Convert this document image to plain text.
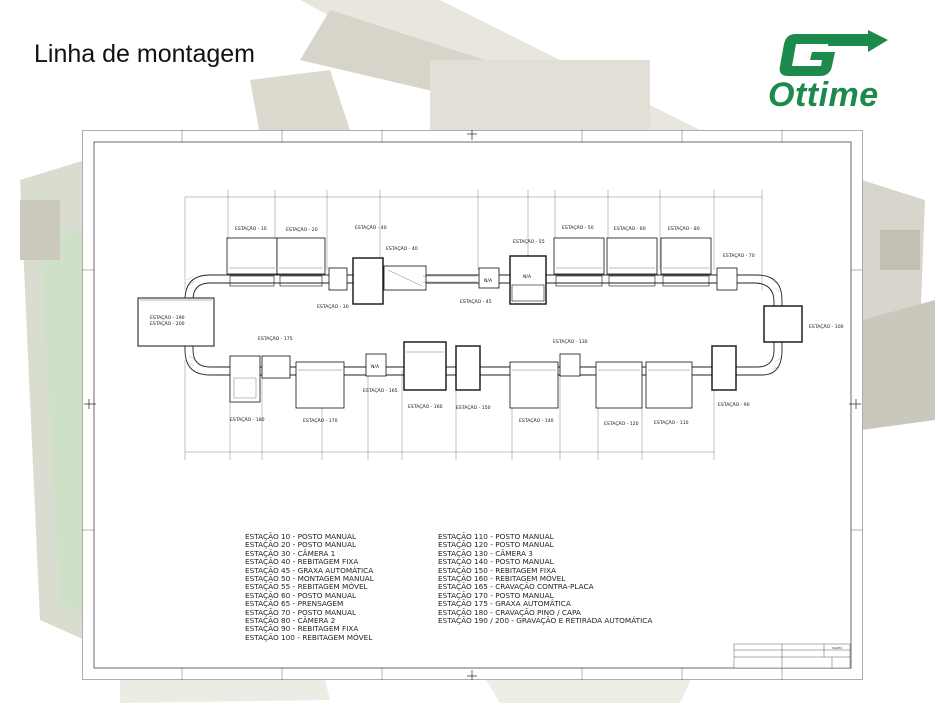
Linha de montagem
Ottime
ESTAÇÃO - 10	ESTAÇÃO - 20	ESTAÇÃO - 40
ESTAÇÃO - 40
ESTAÇÃO - 30
ESTAÇÃO - 45
ESTAÇÃO - 55
ESTAÇÃO - 50	ESTAÇÃO - 60	ESTAÇÃO - 80
ESTAÇÃO - 70
ESTAÇÃO - 100
ESTAÇÃO - 190
ESTAÇÃO - 200
ESTAÇÃO - 175
ESTAÇÃO - 130
ESTAÇÃO - 165
ESTAÇÃO - 160	ESTAÇÃO - 150
ESTAÇÃO - 140
ESTAÇÃO - 120	ESTAÇÃO - 110
ESTAÇÃO - 90
ESTAÇÃO - 180	ESTAÇÃO - 170
N/A
N/A
N/A
VALEO
ESTAÇÃO 10 - POSTO MANUAL
ESTAÇÃO 20 - POSTO MANUAL
ESTAÇÃO 30 - CÂMERA 1
ESTAÇÃO 40 - REBITAGEM FIXA
ESTAÇÃO 45 - GRAXA AUTOMÁTICA
ESTAÇÃO 50 - MONTAGEM MANUAL
ESTAÇÃO 55 - REBITAGEM MÓVEL
ESTAÇÃO 60 - POSTO MANUAL
ESTAÇÃO 65 - PRENSAGEM
ESTAÇÃO 70 - POSTO MANUAL
ESTAÇÃO 80 - CÂMERA 2
ESTAÇÃO 90 - REBITAGEM FIXA
ESTAÇÃO 100 - REBITAGEM MÓVEL
ESTAÇÃO 110 - POSTO MANUAL
ESTAÇÃO 120 - POSTO MANUAL
ESTAÇÃO 130 - CÂMERA 3
ESTAÇÃO 140 - POSTO MANUAL
ESTAÇÃO 150 - REBITAGEM FIXA
ESTAÇÃO 160 - REBITAGEM MÓVEL
ESTAÇÃO 165 - CRAVAÇÃO CONTRA-PLACA
ESTAÇÃO 170 - POSTO MANUAL
ESTAÇÃO 175 - GRAXA AUTOMÁTICA
ESTAÇÃO 180 - CRAVAÇÃO PINO / CAPA
ESTAÇÃO 190 / 200 - GRAVAÇÃO E RETIRADA AUTOMÁTICA
